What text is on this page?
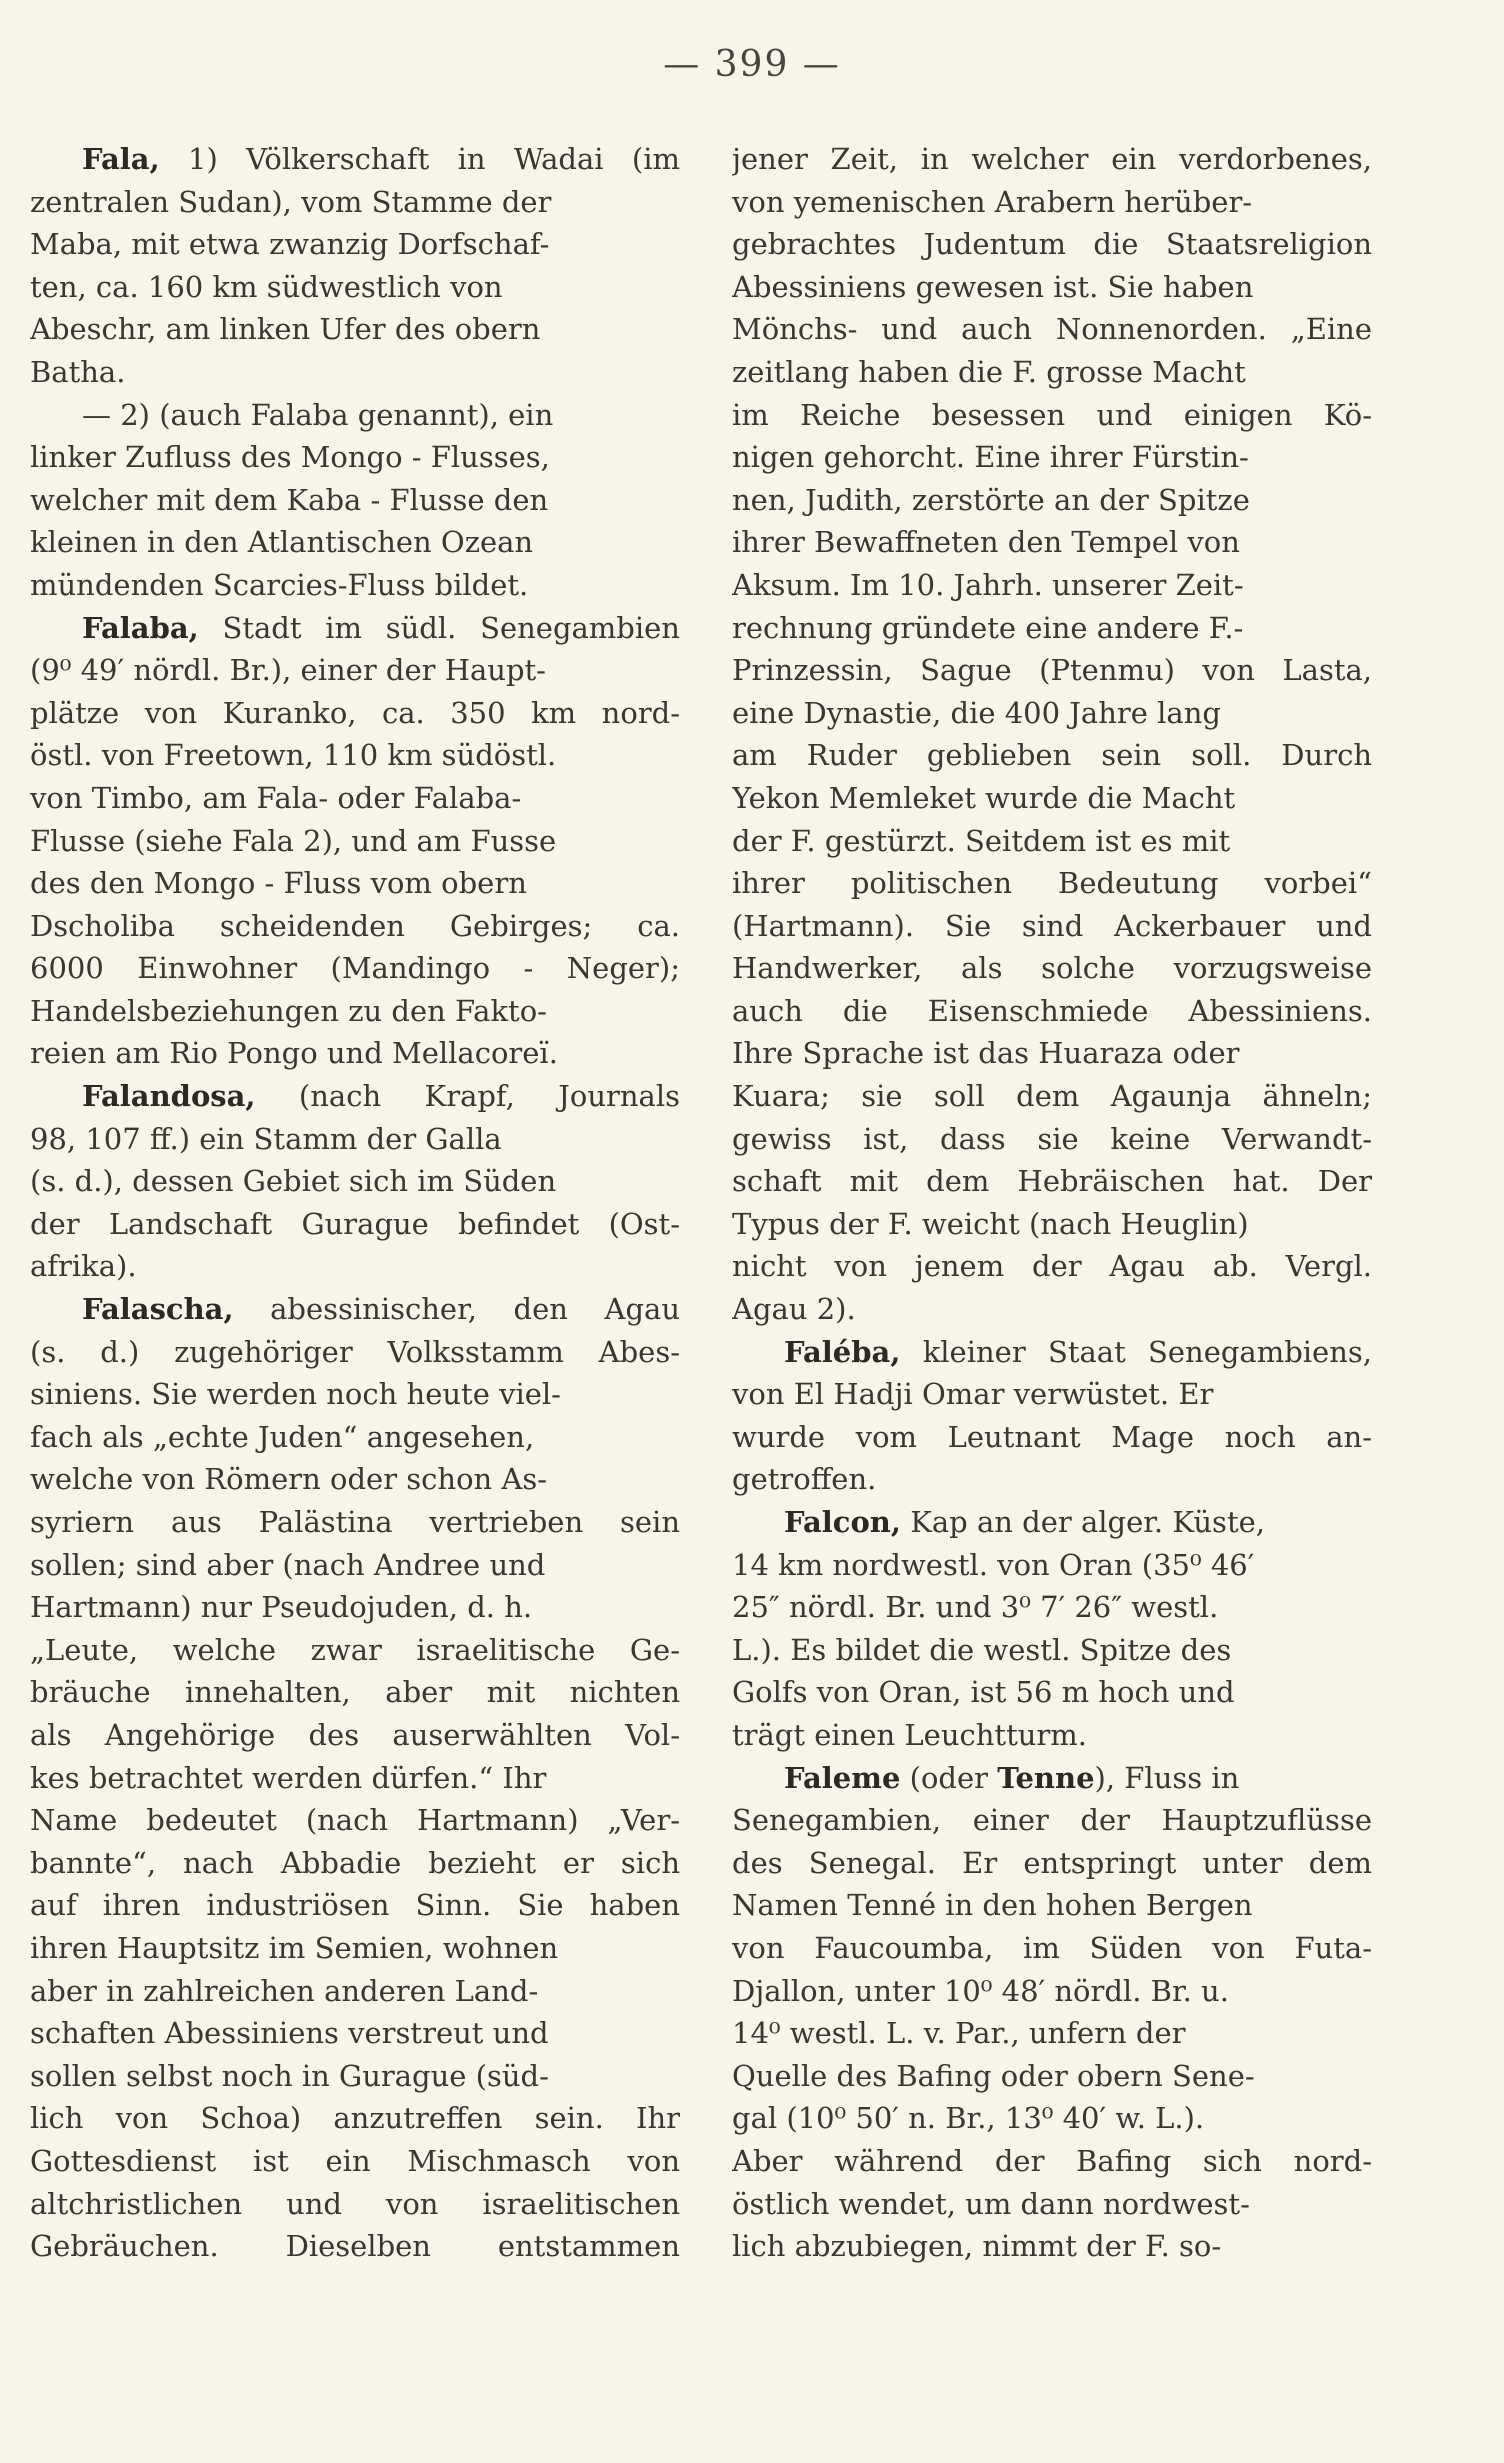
— 399 —
Fala, 1) Völkerschaft in Wadai (im
zentralen Sudan), vom Stamme der
Maba, mit etwa zwanzig Dorfschaf-
ten, ca. 160 km südwestlich von
Abeschr, am linken Ufer des obern
Batha.
— 2) (auch Falaba genannt), ein
linker Zufluss des Mongo - Flusses,
welcher mit dem Kaba - Flusse den
kleinen in den Atlantischen Ozean
mündenden Scarcies-Fluss bildet.
Falaba, Stadt im südl. Senegambien
(9⁰ 49′ nördl. Br.), einer der Haupt-
plätze von Kuranko, ca. 350 km nord-
östl. von Freetown, 110 km südöstl.
von Timbo, am Fala- oder Falaba-
Flusse (siehe Fala 2), und am Fusse
des den Mongo - Fluss vom obern
Dscholiba scheidenden Gebirges; ca.
6000 Einwohner (Mandingo - Neger);
Handelsbeziehungen zu den Fakto-
reien am Rio Pongo und Mellacoreï.
Falandosa, (nach Krapf, Journals
98, 107 ff.) ein Stamm der Galla
(s. d.), dessen Gebiet sich im Süden
der Landschaft Gurague befindet (Ost-
afrika).
Falascha, abessinischer, den Agau
(s. d.) zugehöriger Volksstamm Abes-
siniens. Sie werden noch heute viel-
fach als „echte Juden“ angesehen,
welche von Römern oder schon As-
syriern aus Palästina vertrieben sein
sollen; sind aber (nach Andree und
Hartmann) nur Pseudojuden, d. h.
„Leute, welche zwar israelitische Ge-
bräuche innehalten, aber mit nichten
als Angehörige des auserwählten Vol-
kes betrachtet werden dürfen.“ Ihr
Name bedeutet (nach Hartmann) „Ver-
bannte“, nach Abbadie bezieht er sich
auf ihren industriösen Sinn. Sie haben
ihren Hauptsitz im Semien, wohnen
aber in zahlreichen anderen Land-
schaften Abessiniens verstreut und
sollen selbst noch in Gurague (süd-
lich von Schoa) anzutreffen sein. Ihr
Gottesdienst ist ein Mischmasch von
altchristlichen und von israelitischen
Gebräuchen. Dieselben entstammen
jener Zeit, in welcher ein verdorbenes,
von yemenischen Arabern herüber-
gebrachtes Judentum die Staatsreligion
Abessiniens gewesen ist. Sie haben
Mönchs- und auch Nonnenorden. „Eine
zeitlang haben die F. grosse Macht
im Reiche besessen und einigen Kö-
nigen gehorcht. Eine ihrer Fürstin-
nen, Judith, zerstörte an der Spitze
ihrer Bewaffneten den Tempel von
Aksum. Im 10. Jahrh. unserer Zeit-
rechnung gründete eine andere F.-
Prinzessin, Sague (Ptenmu) von Lasta,
eine Dynastie, die 400 Jahre lang
am Ruder geblieben sein soll. Durch
Yekon Memleket wurde die Macht
der F. gestürzt. Seitdem ist es mit
ihrer politischen Bedeutung vorbei“
(Hartmann). Sie sind Ackerbauer und
Handwerker, als solche vorzugsweise
auch die Eisenschmiede Abessiniens.
Ihre Sprache ist das Huaraza oder
Kuara; sie soll dem Agaunja ähneln;
gewiss ist, dass sie keine Verwandt-
schaft mit dem Hebräischen hat. Der
Typus der F. weicht (nach Heuglin)
nicht von jenem der Agau ab. Vergl.
Agau 2).
Faléba, kleiner Staat Senegambiens,
von El Hadji Omar verwüstet. Er
wurde vom Leutnant Mage noch an-
getroffen.
Falcon, Kap an der alger. Küste,
14 km nordwestl. von Oran (35⁰ 46′
25″ nördl. Br. und 3⁰ 7′ 26″ westl.
L.). Es bildet die westl. Spitze des
Golfs von Oran, ist 56 m hoch und
trägt einen Leuchtturm.
Faleme (oder Tenne), Fluss in
Senegambien, einer der Hauptzuflüsse
des Senegal. Er entspringt unter dem
Namen Tenné in den hohen Bergen
von Faucoumba, im Süden von Futa-
Djallon, unter 10⁰ 48′ nördl. Br. u.
14⁰ westl. L. v. Par., unfern der
Quelle des Bafing oder obern Sene-
gal (10⁰ 50′ n. Br., 13⁰ 40′ w. L.).
Aber während der Bafing sich nord-
östlich wendet, um dann nordwest-
lich abzubiegen, nimmt der F. so-
